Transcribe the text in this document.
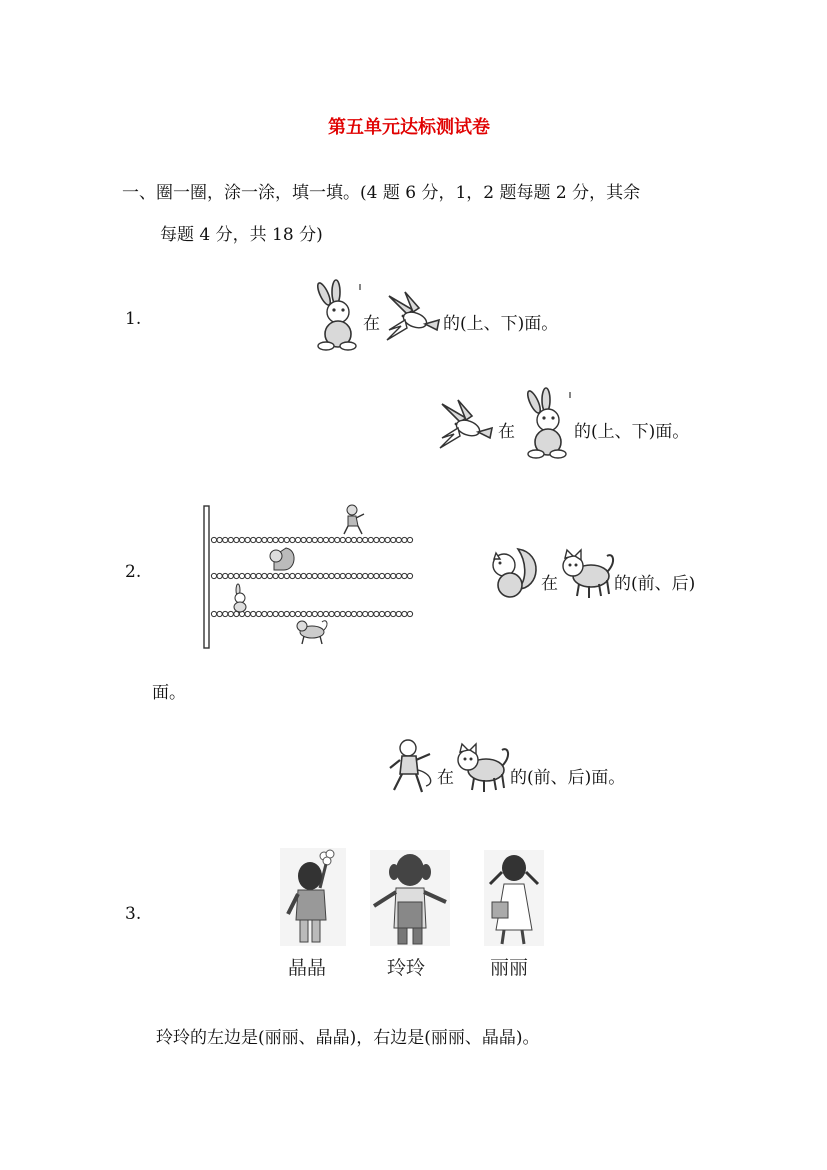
第五单元达标测试卷
一、圈一圈，涂一涂，填一填。(4 题 6 分，1，2 题每题 2 分，其余
每题 4 分，共 18 分)
1.	在	的(上、下)面。
在	的(上、下)面。
2.
在	的(前、后)
面。
在	的(前、后)面。
3.
晶晶	玲玲	丽丽
玲玲的左边是(丽丽、晶晶)，右边是(丽丽、晶晶)。
